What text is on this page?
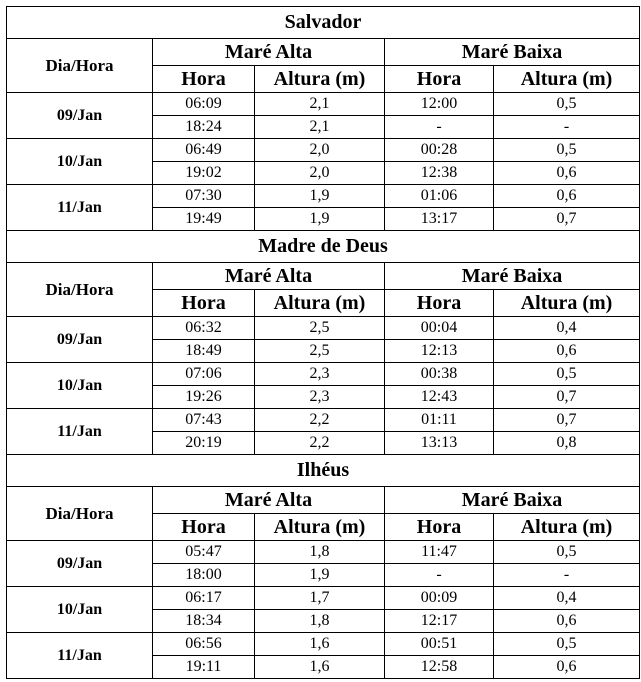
Salvador				
Dia/Hora	Maré Alta		Maré Baixa	
	Hora	Altura (m)	Hora	Altura (m)
09/Jan	06:09	2,1	12:00	0,5
	18:24	2,1	-	-
10/Jan	06:49	2,0	00:28	0,5
	19:02	2,0	12:38	0,6
11/Jan	07:30	1,9	01:06	0,6
	19:49	1,9	13:17	0,7
Madre de Deus				
Dia/Hora	Maré Alta		Maré Baixa	
	Hora	Altura (m)	Hora	Altura (m)
09/Jan	06:32	2,5	00:04	0,4
	18:49	2,5	12:13	0,6
10/Jan	07:06	2,3	00:38	0,5
	19:26	2,3	12:43	0,7
11/Jan	07:43	2,2	01:11	0,7
	20:19	2,2	13:13	0,8
Ilhéus				
Dia/Hora	Maré Alta		Maré Baixa	
	Hora	Altura (m)	Hora	Altura (m)
09/Jan	05:47	1,8	11:47	0,5
	18:00	1,9	-	-
10/Jan	06:17	1,7	00:09	0,4
	18:34	1,8	12:17	0,6
11/Jan	06:56	1,6	00:51	0,5
	19:11	1,6	12:58	0,6
